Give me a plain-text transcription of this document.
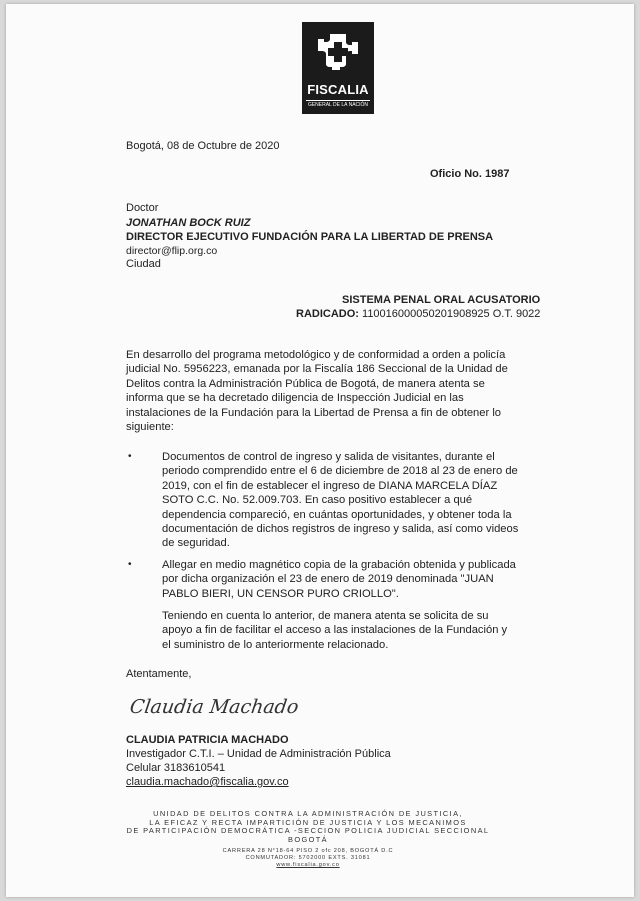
FISCALIA
GENERAL DE LA NACIÓN
Bogotá, 08 de Octubre de 2020
Oficio No. 1987
Doctor
JONATHAN BOCK RUIZ
DIRECTOR EJECUTIVO FUNDACIÓN PARA LA LIBERTAD DE PRENSA
director@flip.org.co
Ciudad
SISTEMA PENAL ORAL ACUSATORIO
RADICADO: 110016000050201908925 O.T. 9022
En desarrollo del programa metodológico y de conformidad a orden a policía
judicial No. 5956223, emanada por la Fiscalía 186 Seccional de la Unidad de
Delitos contra la Administración Pública de Bogotá, de manera atenta se
informa que se ha decretado diligencia de Inspección Judicial en las
instalaciones de la Fundación para la Libertad de Prensa a fin de obtener lo
siguiente:
•	Documentos de control de ingreso y salida de visitantes, durante el
periodo comprendido entre el 6 de diciembre de 2018 al 23 de enero de
2019, con el fin de establecer el ingreso de DIANA MARCELA DÍAZ
SOTO C.C. No. 52.009.703. En caso positivo establecer a qué
dependencia compareció, en cuántas oportunidades, y obtener toda la
documentación de dichos registros de ingreso y salida, así como videos
de seguridad.
•	Allegar en medio magnético copia de la grabación obtenida y publicada
por dicha organización el 23 de enero de 2019 denominada "JUAN
PABLO BIERI, UN CENSOR PURO CRIOLLO".
Teniendo en cuenta lo anterior, de manera atenta se solicita de su
apoyo a fin de facilitar el acceso a las instalaciones de la Fundación y
el suministro de lo anteriormente relacionado.
Atentamente,
Claudia Machado
CLAUDIA PATRICIA MACHADO
Investigador C.T.I. – Unidad de Administración Pública
Celular 3183610541
claudia.machado@fiscalia.gov.co
UNIDAD DE DELITOS CONTRA LA ADMINISTRACIÓN DE JUSTICIA,
LA EFICAZ Y RECTA IMPARTICIÓN DE JUSTICIA Y LOS MECANIMOS
DE PARTICIPACIÓN DEMOCRÁTICA -SECCION POLICIA JUDICIAL SECCIONAL
BOGOTÁ
CARRERA 28 N°18-64 PISO 2 ofc 208, BOGOTÁ D.C
CONMUTADOR: 5702000 EXTS. 31081
www.fiscalia.gov.co
